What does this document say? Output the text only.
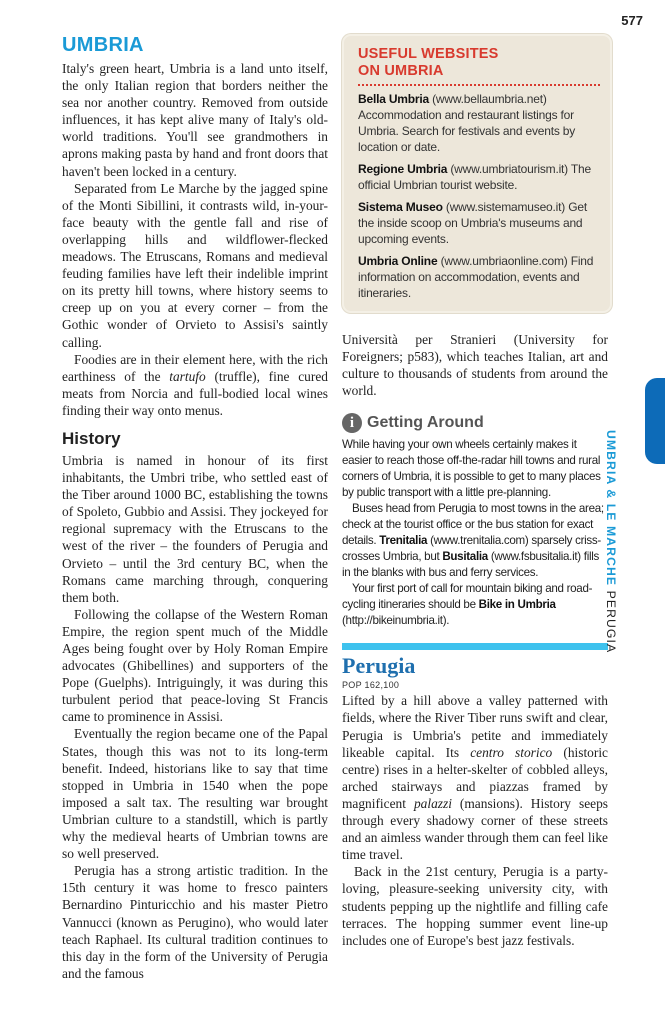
577
UMBRIA

Italy's green heart, Umbria is a land unto itself, the only Italian region that borders neither the sea nor another country. Removed from outside influences, it has kept alive many of Italy's old-world traditions. You'll see grandmothers in aprons making pasta by hand and front doors that haven't been locked in a century.

Separated from Le Marche by the jagged spine of the Monti Sibillini, it contrasts wild, in-your-face beauty with the gentle fall and rise of overlapping hills and wildflower-flecked meadows. The Etruscans, Romans and medieval feuding families have left their indelible imprint on its pretty hill towns, where history seems to creep up on you at every corner – from the Gothic wonder of Orvieto to Assisi's saintly calling.

Foodies are in their element here, with the rich earthiness of the tartufo (truffle), fine cured meats from Norcia and full-bodied local wines finding their way onto menus.

History

Umbria is named in honour of its first inhabitants, the Umbri tribe, who settled east of the Tiber around 1000 BC, establishing the towns of Spoleto, Gubbio and Assisi. They jockeyed for regional supremacy with the Etruscans to the west of the river – the founders of Perugia and Orvieto – until the 3rd century BC, when the Romans came marching through, conquering them both.

Following the collapse of the Western Roman Empire, the region spent much of the Middle Ages being fought over by Holy Roman Empire advocates (Ghibellines) and supporters of the Pope (Guelphs). Intriguingly, it was during this turbulent period that peace-loving St Francis came to prominence in Assisi.

Eventually the region became one of the Papal States, though this was not to its long-term benefit. Indeed, historians like to say that time stopped in Umbria in 1540 when the pope imposed a salt tax. The resulting war brought Umbrian culture to a standstill, which is partly why the medieval hearts of Umbrian towns are so well preserved.

Perugia has a strong artistic tradition. In the 15th century it was home to fresco painters Bernardino Pinturicchio and his master Pietro Vannucci (known as Perugino), who would later teach Raphael. Its cultural tradition continues to this day in the form of the University of Perugia and the famous

USEFUL WEBSITES
ON UMBRIA
Bella Umbria (www.bellaumbria.net) Accommodation and restaurant listings for Umbria. Search for festivals and events by location or date.
Regione Umbria (www.umbriatourism.it) The official Umbrian tourist website.
Sistema Museo (www.sistemamuseo.it) Get the inside scoop on Umbria's museums and upcoming events.
Umbria Online (www.umbriaonline.com) Find information on accommodation, events and itineraries.

Università per Stranieri (University for Foreigners; p583), which teaches Italian, art and culture to thousands of students from around the world.

i Getting Around

While having your own wheels certainly makes it easier to reach those off-the-radar hill towns and rural corners of Umbria, it is possible to get to many places by public transport with a little pre-planning.

Buses head from Perugia to most towns in the area; check at the tourist office or the bus station for exact details. Trenitalia (www.trenitalia.com) sparsely criss-crosses Umbria, but Busitalia (www.fsbusitalia.it) fills in the blanks with bus and ferry services.

Your first port of call for mountain biking and road-cycling itineraries should be Bike in Umbria (http://bikeinumbria.it).

Perugia
POP 162,100

Lifted by a hill above a valley patterned with fields, where the River Tiber runs swift and clear, Perugia is Umbria's petite and immediately likeable capital. Its centro storico (historic centre) rises in a helter-skelter of cobbled alleys, arched stairways and piazzas framed by magnificent palazzi (mansions). History seeps through every shadowy corner of these streets and an aimless wander through them can feel like time travel.

Back in the 21st century, Perugia is a party-loving, pleasure-seeking university city, with students pepping up the nightlife and filling cafe terraces. The hopping summer event line-up includes one of Europe's best jazz festivals.

UMBRIA & LE MARCHE PERUGIA
